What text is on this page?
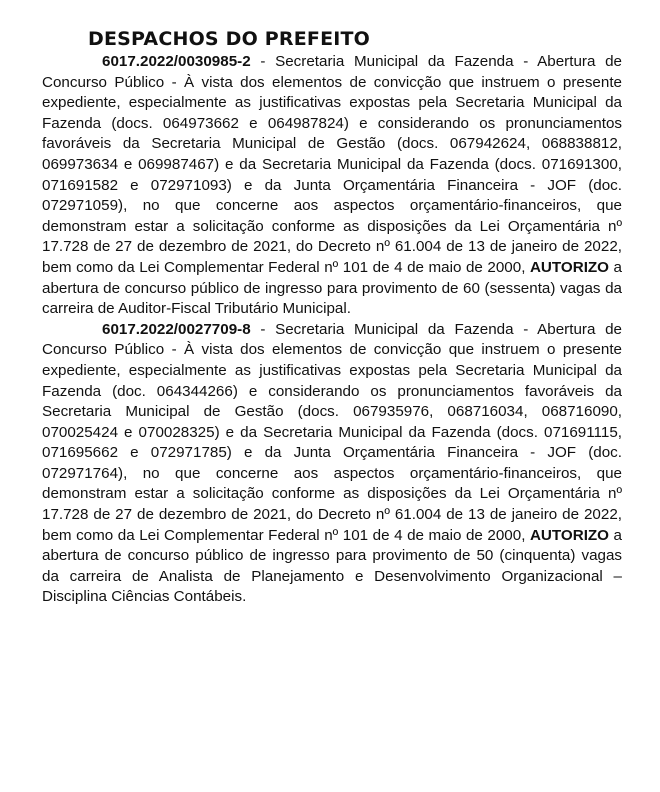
DESPACHOS DO PREFEITO

6017.2022/0030985-2 - Secretaria Municipal da Fazenda - Abertura de Concurso Público - À vista dos elementos de convicção que instruem o presente expediente, especialmente as justificativas expostas pela Secretaria Municipal da Fazenda (docs. 064973662 e 064987824) e considerando os pronunciamentos favoráveis da Secretaria Municipal de Gestão (docs. 067942624, 068838812, 069973634 e 069987467) e da Secretaria Municipal da Fazenda (docs. 071691300, 071691582 e 072971093) e da Junta Orçamentária Financeira - JOF (doc. 072971059), no que concerne aos aspectos orçamentário-financeiros, que demonstram estar a solicitação conforme as disposições da Lei Orçamentária nº 17.728 de 27 de dezembro de 2021, do Decreto nº 61.004 de 13 de janeiro de 2022, bem como da Lei Complementar Federal nº 101 de 4 de maio de 2000, AUTORIZO a abertura de concurso público de ingresso para provimento de 60 (sessenta) vagas da carreira de Auditor-Fiscal Tributário Municipal.

6017.2022/0027709-8 - Secretaria Municipal da Fazenda - Abertura de Concurso Público - À vista dos elementos de convicção que instruem o presente expediente, especialmente as justificativas expostas pela Secretaria Municipal da Fazenda (doc. 064344266) e considerando os pronunciamentos favoráveis da Secretaria Municipal de Gestão (docs. 067935976, 068716034, 068716090, 070025424 e 070028325) e da Secretaria Municipal da Fazenda (docs. 071691115, 071695662 e 072971785) e da Junta Orçamentária Financeira - JOF (doc. 072971764), no que concerne aos aspectos orçamentário-financeiros, que demonstram estar a solicitação conforme as disposições da Lei Orçamentária nº 17.728 de 27 de dezembro de 2021, do Decreto nº 61.004 de 13 de janeiro de 2022, bem como da Lei Complementar Federal nº 101 de 4 de maio de 2000, AUTORIZO a abertura de concurso público de ingresso para provimento de 50 (cinquenta) vagas da carreira de Analista de Planejamento e Desenvolvimento Organizacional – Disciplina Ciências Contábeis.
